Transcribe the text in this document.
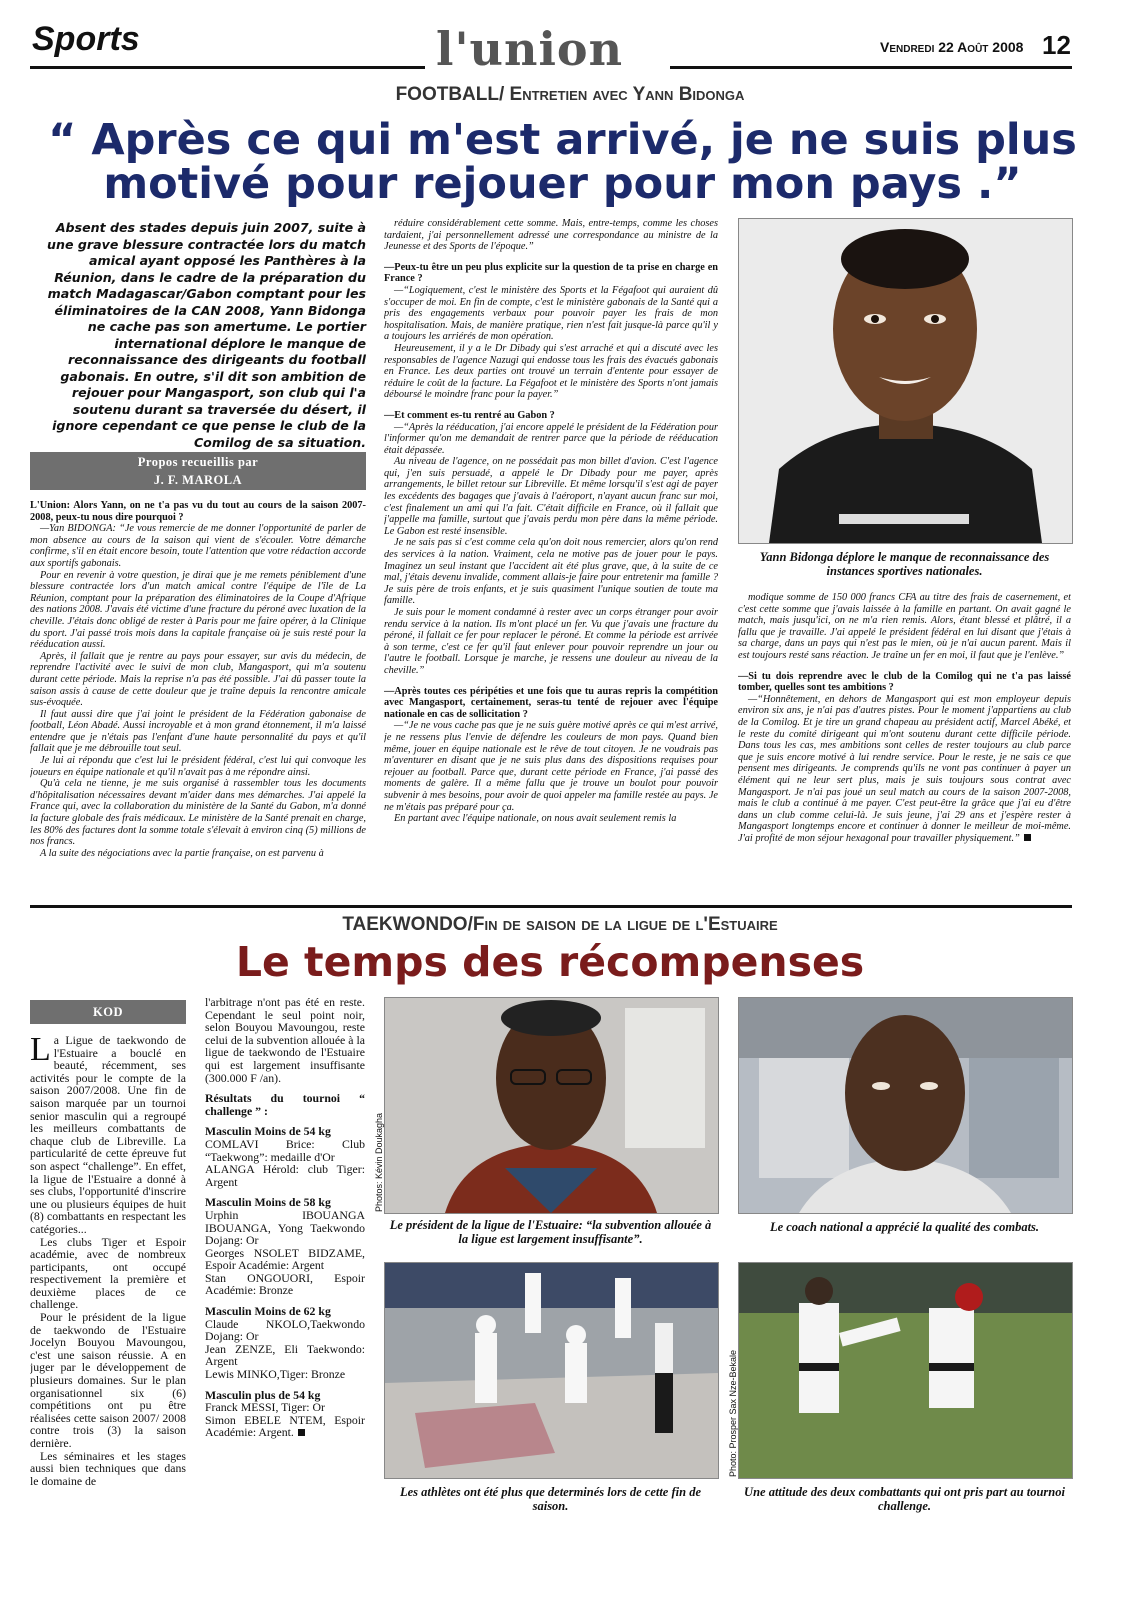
Sports	l'union	Vendredi 22 Août 2008 12
FOOTBALL/ Entretien avec Yann Bidonga
“ Après ce qui m'est arrivé, je ne suis plus
motivé pour rejouer pour mon pays .”
Absent des stades depuis juin 2007, suite à une grave blessure contractée lors du match amical ayant opposé les Panthères à la Réunion, dans le cadre de la préparation du match Madagascar/Gabon comptant pour les éliminatoires de la CAN 2008, Yann Bidonga ne cache pas son amertume. Le portier international déplore le manque de reconnaissance des dirigeants du football gabonais. En outre, s'il dit son ambition de rejouer pour Mangasport, son club qui l'a soutenu durant sa traversée du désert, il ignore cependant ce que pense le club de la Comilog de sa situation.
Propos recueillis par
J. F. MAROLA

L'Union: Alors Yann, on ne t'a pas vu du tout au cours de la saison 2007-2008, peux-tu nous dire pourquoi ?

—Yan BIDONGA: “Je vous remercie de me donner l'opportunité de parler de mon absence au cours de la saison qui vient de s'écouler. Votre démarche confirme, s'il en était encore besoin, toute l'attention que votre rédaction accorde aux sportifs gabonais.

Pour en revenir à votre question, je dirai que je me remets péniblement d'une blessure contractée lors d'un match amical contre l'équipe de l'île de La Réunion, comptant pour la préparation des éliminatoires de la Coupe d'Afrique des nations 2008. J'avais été victime d'une fracture du péroné avec luxation de la cheville. J'étais donc obligé de rester à Paris pour me faire opérer, à la Clinique du sport. J'ai passé trois mois dans la capitale française où je suis resté pour la rééducation aussi.

Après, il fallait que je rentre au pays pour essayer, sur avis du médecin, de reprendre l'activité avec le suivi de mon club, Mangasport, qui m'a soutenu durant cette période. Mais la reprise n'a pas été possible. J'ai dû passer toute la saison assis à cause de cette douleur que je traîne depuis la rencontre amicale sus-évoquée.

Il faut aussi dire que j'ai joint le président de la Fédération gabonaise de football, Léon Abadé. Aussi incroyable et à mon grand étonnement, il m'a laissé entendre que je n'étais pas l'enfant d'une haute personnalité du pays et qu'il fallait que je me débrouille tout seul.

Je lui ai répondu que c'est lui le président fédéral, c'est lui qui convoque les joueurs en équipe nationale et qu'il n'avait pas à me répondre ainsi.

Qu'à cela ne tienne, je me suis organisé à rassembler tous les documents d'hôpitalisation nécessaires devant m'aider dans mes démarches. J'ai appelé la France qui, avec la collaboration du ministère de la Santé du Gabon, m'a donné la facture globale des frais médicaux. Le ministère de la Santé prenait en charge, les 80% des factures dont la somme totale s'élevait à environ cinq (5) millions de nos francs.

A la suite des négociations avec la partie française, on est parvenu à

réduire considérablement cette somme. Mais, entre-temps, comme les choses tardaient, j'ai personnellement adressé une correspondance au ministre de la Jeunesse et des Sports de l'époque.”

—Peux-tu être un peu plus explicite sur la question de ta prise en charge en France ?

—“Logiquement, c'est le ministère des Sports et la Fégafoot qui auraient dû s'occuper de moi. En fin de compte, c'est le ministère gabonais de la Santé qui a pris des engagements verbaux pour pouvoir payer les frais de mon hospitalisation. Mais, de manière pratique, rien n'est fait jusque-là parce qu'il y a toujours les arriérés de mon opération.

Heureusement, il y a le Dr Dibady qui s'est arraché et qui a discuté avec les responsables de l'agence Nazugi qui endosse tous les frais des évacués gabonais en France. Les deux parties ont trouvé un terrain d'entente pour essayer de réduire le coût de la facture. La Fégafoot et le ministère des Sports n'ont jamais déboursé le moindre franc pour la payer.”

—Et comment es-tu rentré au Gabon ?

—“Après la rééducation, j'ai encore appelé le président de la Fédération pour l'informer qu'on me demandait de rentrer parce que la période de rééducation était dépassée.

Au niveau de l'agence, on ne possédait pas mon billet d'avion. C'est l'agence qui, j'en suis persuadé, a appelé le Dr Dibady pour me payer, après arrangements, le billet retour sur Libreville. Et même lorsqu'il s'est agi de payer les excédents des bagages que j'avais à l'aéroport, n'ayant aucun franc sur moi, c'est finalement un ami qui l'a fait. C'était difficile en France, où il fallait que j'appelle ma famille, surtout que j'avais perdu mon père dans la même période. Le Gabon est resté insensible.

Je ne sais pas si c'est comme cela qu'on doit nous remercier, alors qu'on rend des services à la nation. Vraiment, cela ne motive pas de jouer pour le pays. Imaginez un seul instant que l'accident ait été plus grave, que, à la suite de ce mal, j'étais devenu invalide, comment allais-je faire pour entretenir ma famille ? Je suis père de trois enfants, et je suis quasiment l'unique soutien de toute ma famille.

Je suis pour le moment condamné à rester avec un corps étranger pour avoir rendu service à la nation. Ils m'ont placé un fer. Vu que j'avais une fracture du péroné, il fallait ce fer pour replacer le péroné. Et comme la période est arrivée à son terme, c'est ce fer qu'il faut enlever pour pouvoir reprendre un jour ou l'autre le football. Lorsque je marche, je ressens une douleur au niveau de la cheville.”

—Après toutes ces péripéties et une fois que tu auras repris la compétition avec Mangasport, certainement, seras-tu tenté de rejouer avec l'équipe nationale en cas de sollicitation ?

—“Je ne vous cache pas que je ne suis guère motivé après ce qui m'est arrivé, je ne ressens plus l'envie de défendre les couleurs de mon pays. Quand bien même, jouer en équipe nationale est le rêve de tout citoyen. Je ne voudrais pas m'aventurer en disant que je ne suis plus dans des dispositions requises pour rejouer au football. Parce que, durant cette période en France, j'ai passé des moments de galère. Il a même fallu que je trouve un boulot pour pouvoir subvenir à mes besoins, pour avoir de quoi appeler ma famille restée au pays. Je ne m'étais pas préparé pour ça.

En partant avec l'équipe nationale, on nous avait seulement remis la

Yann Bidonga déplore le manque de reconnaissance des instances sportives nationales.

modique somme de 150 000 francs CFA au titre des frais de casernement, et c'est cette somme que j'avais laissée à la famille en partant. On avait gagné le match, mais jusqu'ici, on ne m'a rien remis. Alors, étant blessé et plâtré, il a fallu que je travaille. J'ai appelé le président fédéral en lui disant que j'étais à sa charge, dans un pays qui n'est pas le mien, où je n'ai aucun parent. Mais il est toujours resté sans réaction. Je traîne un fer en moi, il faut que je l'enlève.”

—Si tu dois reprendre avec le club de la Comilog qui ne t'a pas laissé tomber, quelles sont tes ambitions ?

—“Honnêtement, en dehors de Mangasport qui est mon employeur depuis environ six ans, je n'ai pas d'autres pistes. Pour le moment j'appartiens au club de la Comilog. Et je tire un grand chapeau au président actif, Marcel Abéké, et le reste du comité dirigeant qui m'ont soutenu durant cette difficile période. Dans tous les cas, mes ambitions sont celles de rester toujours au club parce que je suis encore motivé à lui rendre service. Pour le reste, je ne sais ce que pensent mes dirigeants. Je comprends qu'ils ne vont pas continuer à payer un élément qui ne leur sert plus, mais je suis toujours sous contrat avec Mangasport. Je n'ai pas joué un seul match au cours de la saison 2007-2008, mais le club a continué à me payer. C'est peut-être la grâce que j'ai eu d'être dans un club comme celui-là. Je suis jeune, j'ai 29 ans et j'espère rester à Mangasport longtemps encore et continuer à donner le meilleur de moi-même. J'ai profité de mon séjour hexagonal pour travailler physiquement.”

TAEKWONDO/Fin de saison de la ligue de l'Estuaire
Le temps des récompenses
KOD
L a Ligue de taekwondo de l'Estuaire a bouclé en beauté, récemment, ses activités pour le compte de la saison 2007/2008. Une fin de saison marquée par un tournoi senior masculin qui a regroupé les meilleurs combattants de chaque club de Libreville. La particularité de cette épreuve fut son aspect “challenge”. En effet, la ligue de l'Estuaire a donné à ses clubs, l'opportunité d'inscrire une ou plusieurs équipes de huit (8) combattants en respectant les catégories...

Les clubs Tiger et Espoir académie, avec de nombreux participants, ont occupé respectivement la première et deuxième places de ce challenge.

Pour le président de la ligue de taekwondo de l'Estuaire Jocelyn Bouyou Mavoungou, c'est une saison réussie. A en juger par le développement de plusieurs domaines. Sur le plan organisationnel six (6) compétitions ont pu être réalisées cette saison 2007/ 2008 contre trois (3) la saison dernière.

Les séminaires et les stages aussi bien techniques que dans le domaine de

l'arbitrage n'ont pas été en reste. Cependant le seul point noir, selon Bouyou Mavoungou, reste celui de la subvention allouée à la ligue de taekwondo de l'Estuaire qui est largement insuffisante (300.000 F /an).

Résultats du tournoi “ challenge ” :

Masculin Moins de 54 kg

COMLAVI Brice: Club “Taekwong”: medaille d'Or

ALANGA Hérold: club Tiger: Argent

Masculin Moins de 58 kg

Urphin IBOUANGA IBOUANGA, Yong Taekwondo Dojang: Or

Georges NSOLET BIDZAME, Espoir Académie: Argent

Stan ONGOUORI, Espoir Académie: Bronze

Masculin Moins de 62 kg

Claude NKOLO,Taekwondo Dojang: Or

Jean ZENZE, Eli Taekwondo: Argent

Lewis MINKO,Tiger: Bronze

Masculin plus de 54 kg

Franck MESSI, Tiger: Or

Simon EBELE NTEM, Espoir Académie: Argent.

Photos: Kévin Doukagha
Le président de la ligue de l'Estuaire: “la subvention allouée à la ligue est largement insuffisante”.
Le coach national a apprécié la qualité des combats.
Les athlètes ont été plus que determinés lors de cette fin de saison.
Photo: Prosper Sax Nze-Bekale
Une attitude des deux combattants qui ont pris part au tournoi challenge.
